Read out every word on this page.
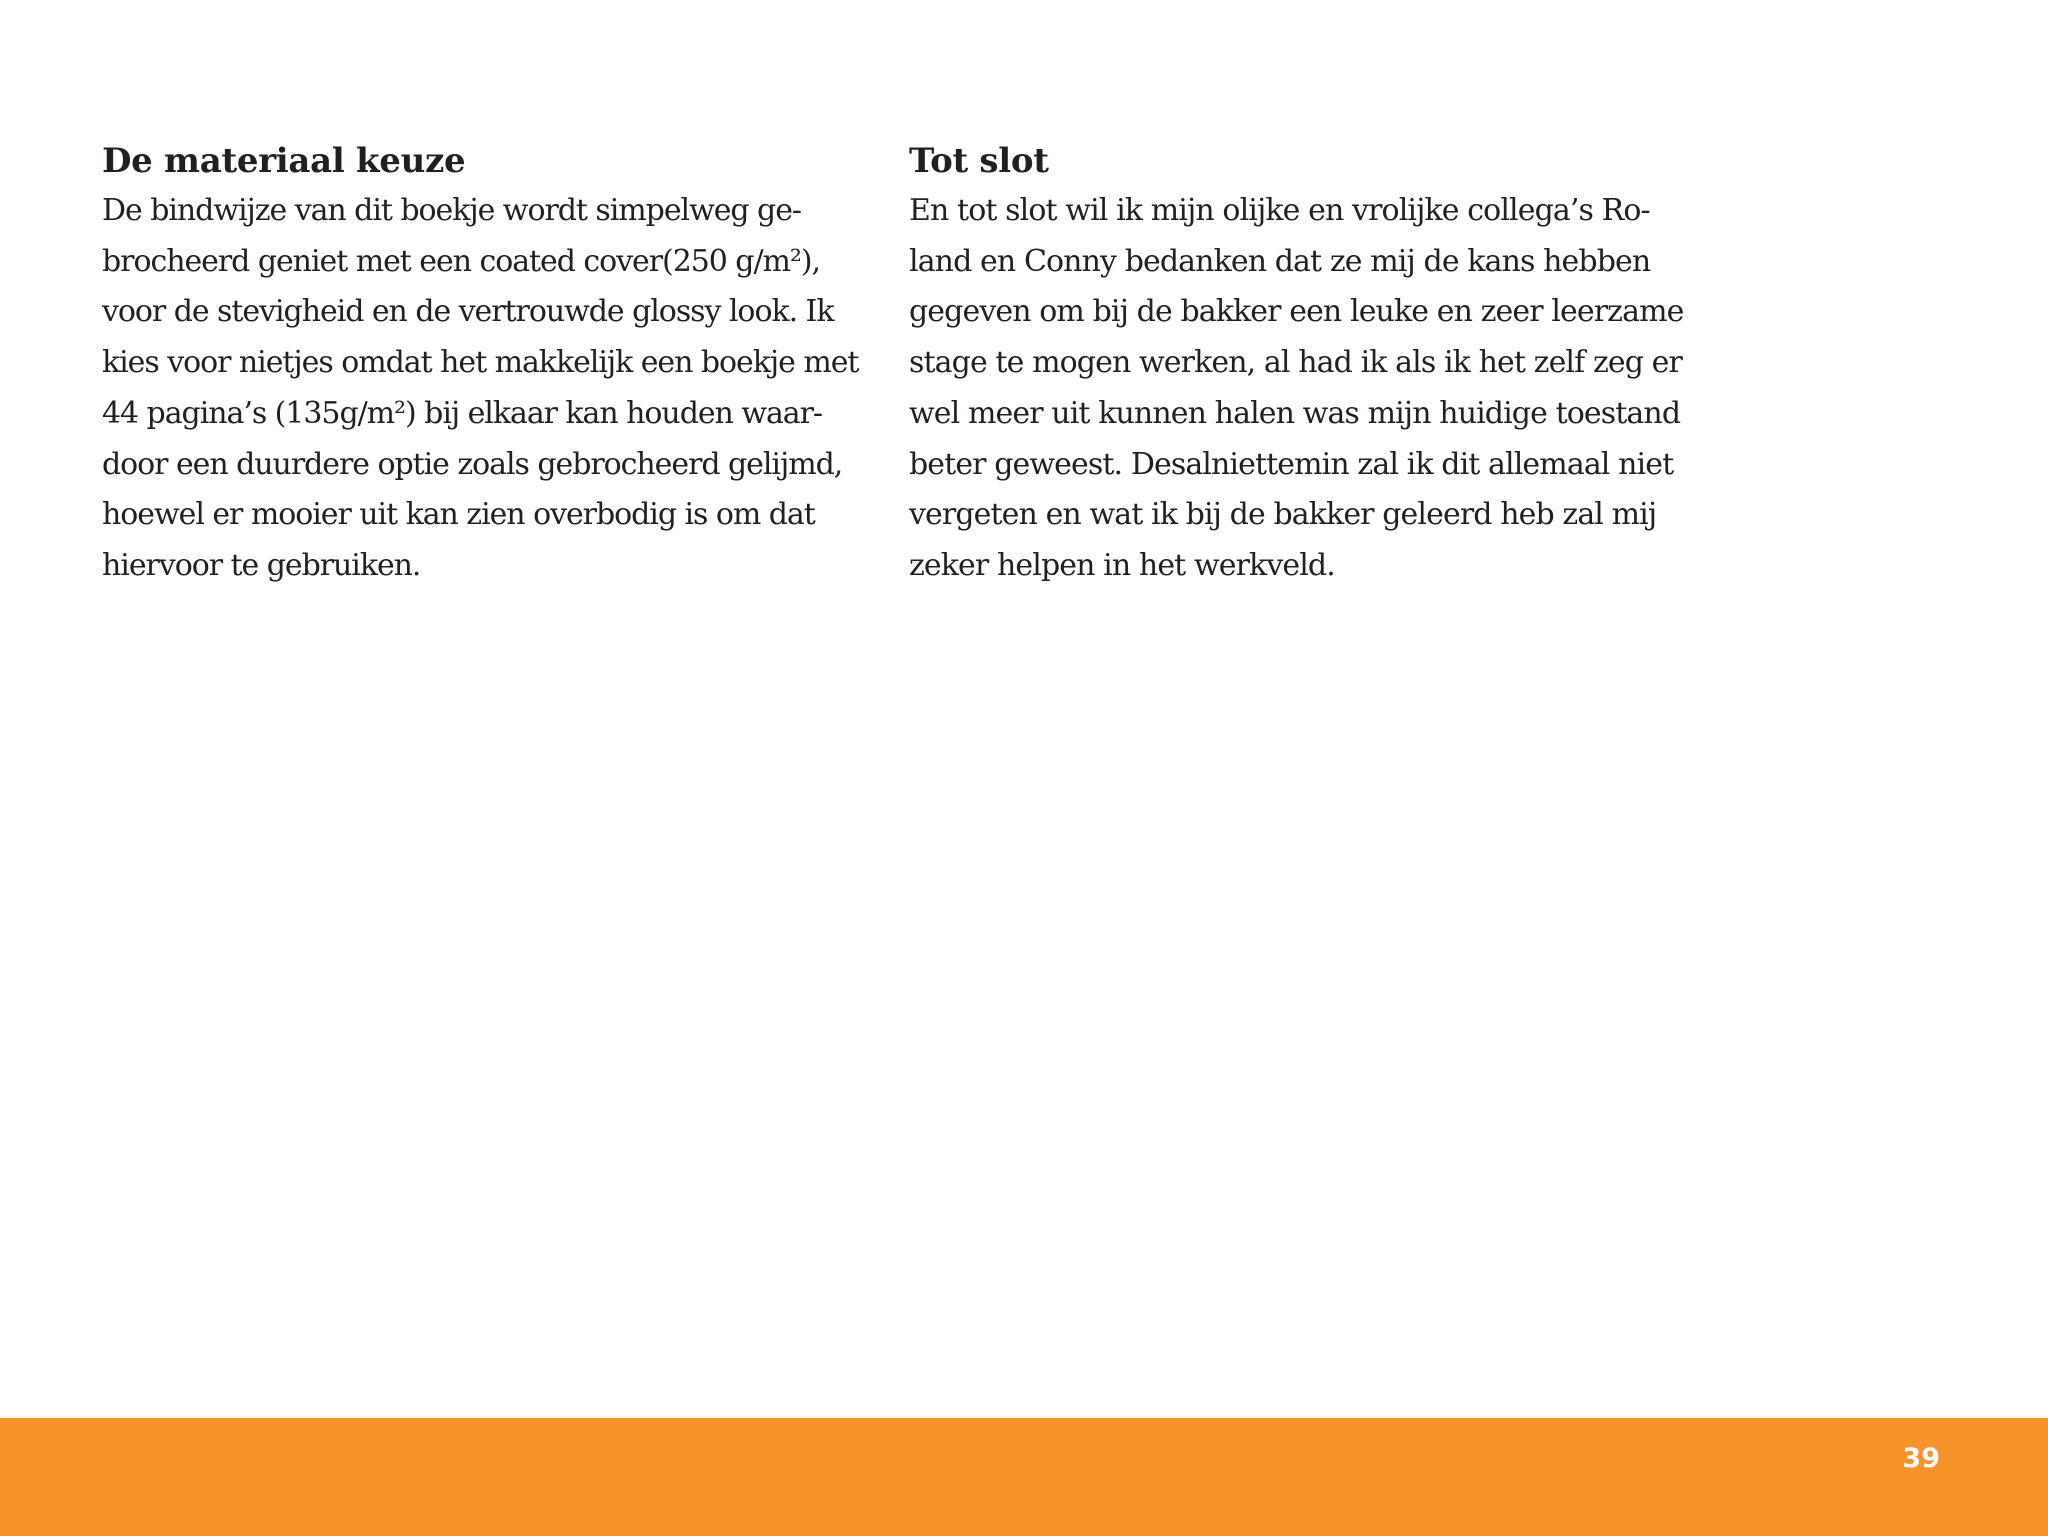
De materiaal keuze
De bindwijze van dit boekje wordt simpelweg ge-
brocheerd geniet met een coated cover(250 g/m²),
voor de stevigheid en de vertrouwde glossy look. Ik
kies voor nietjes omdat het makkelijk een boekje met
44 pagina’s (135g/m²) bij elkaar kan houden waar-
door een duurdere optie zoals gebrocheerd gelijmd,
hoewel er mooier uit kan zien overbodig is om dat
hiervoor te gebruiken.
Tot slot
En tot slot wil ik mijn olijke en vrolijke collega’s Ro-
land en Conny bedanken dat ze mij de kans hebben
gegeven om bij de bakker een leuke en zeer leerzame
stage te mogen werken, al had ik als ik het zelf zeg er
wel meer uit kunnen halen was mijn huidige toestand
beter geweest. Desalniettemin zal ik dit allemaal niet
vergeten en wat ik bij de bakker geleerd heb zal mij
zeker helpen in het werkveld.
39
